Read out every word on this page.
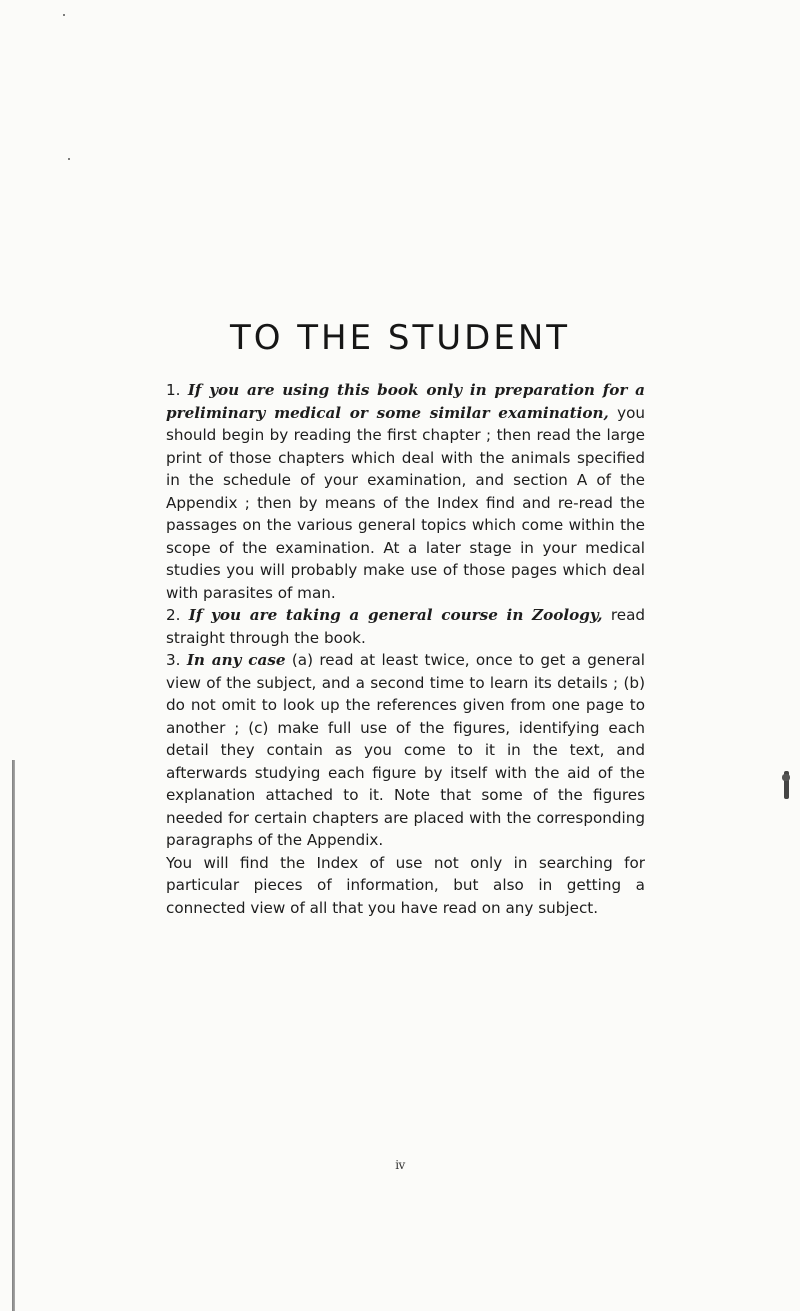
TO THE STUDENT

1. If you are using this book only in preparation for a preliminary medical or some similar examination, you should begin by reading the first chapter ; then read the large print of those chapters which deal with the animals specified in the schedule of your examination, and section A of the Appendix ; then by means of the Index find and re-read the passages on the various general topics which come within the scope of the examination. At a later stage in your medical studies you will probably make use of those pages which deal with parasites of man.

2. If you are taking a general course in Zoology, read straight through the book.

3. In any case (a) read at least twice, once to get a general view of the subject, and a second time to learn its details ; (b) do not omit to look up the references given from one page to another ; (c) make full use of the figures, identifying each detail they contain as you come to it in the text, and afterwards studying each figure by itself with the aid of the explanation attached to it. Note that some of the figures needed for certain chapters are placed with the corresponding paragraphs of the Appendix.

You will find the Index of use not only in searching for particular pieces of information, but also in getting a connected view of all that you have read on any subject.

iv
